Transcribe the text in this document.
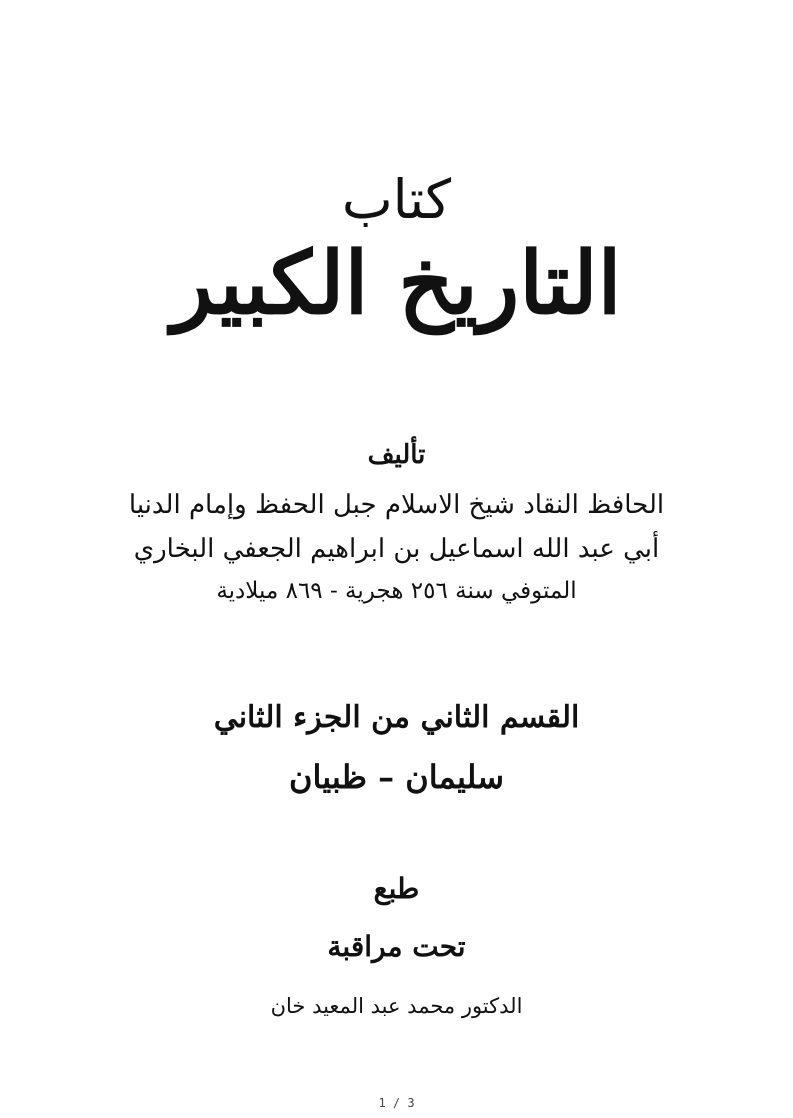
كتاب
التاريخ الكبير
تأليف
الحافظ النقاد شيخ الاسلام جبل الحفظ وإمام الدنيا
أبي عبد الله اسماعيل بن ابراهيم الجعفي البخاري
المتوفي سنة ٢٥٦ هجرية - ٨٦٩ ميلادية
القسم الثاني من الجزء الثاني
سليمان – ظبيان
طبع
تحت مراقبة
الدكتور محمد عبد المعيد خان
1 / 3
